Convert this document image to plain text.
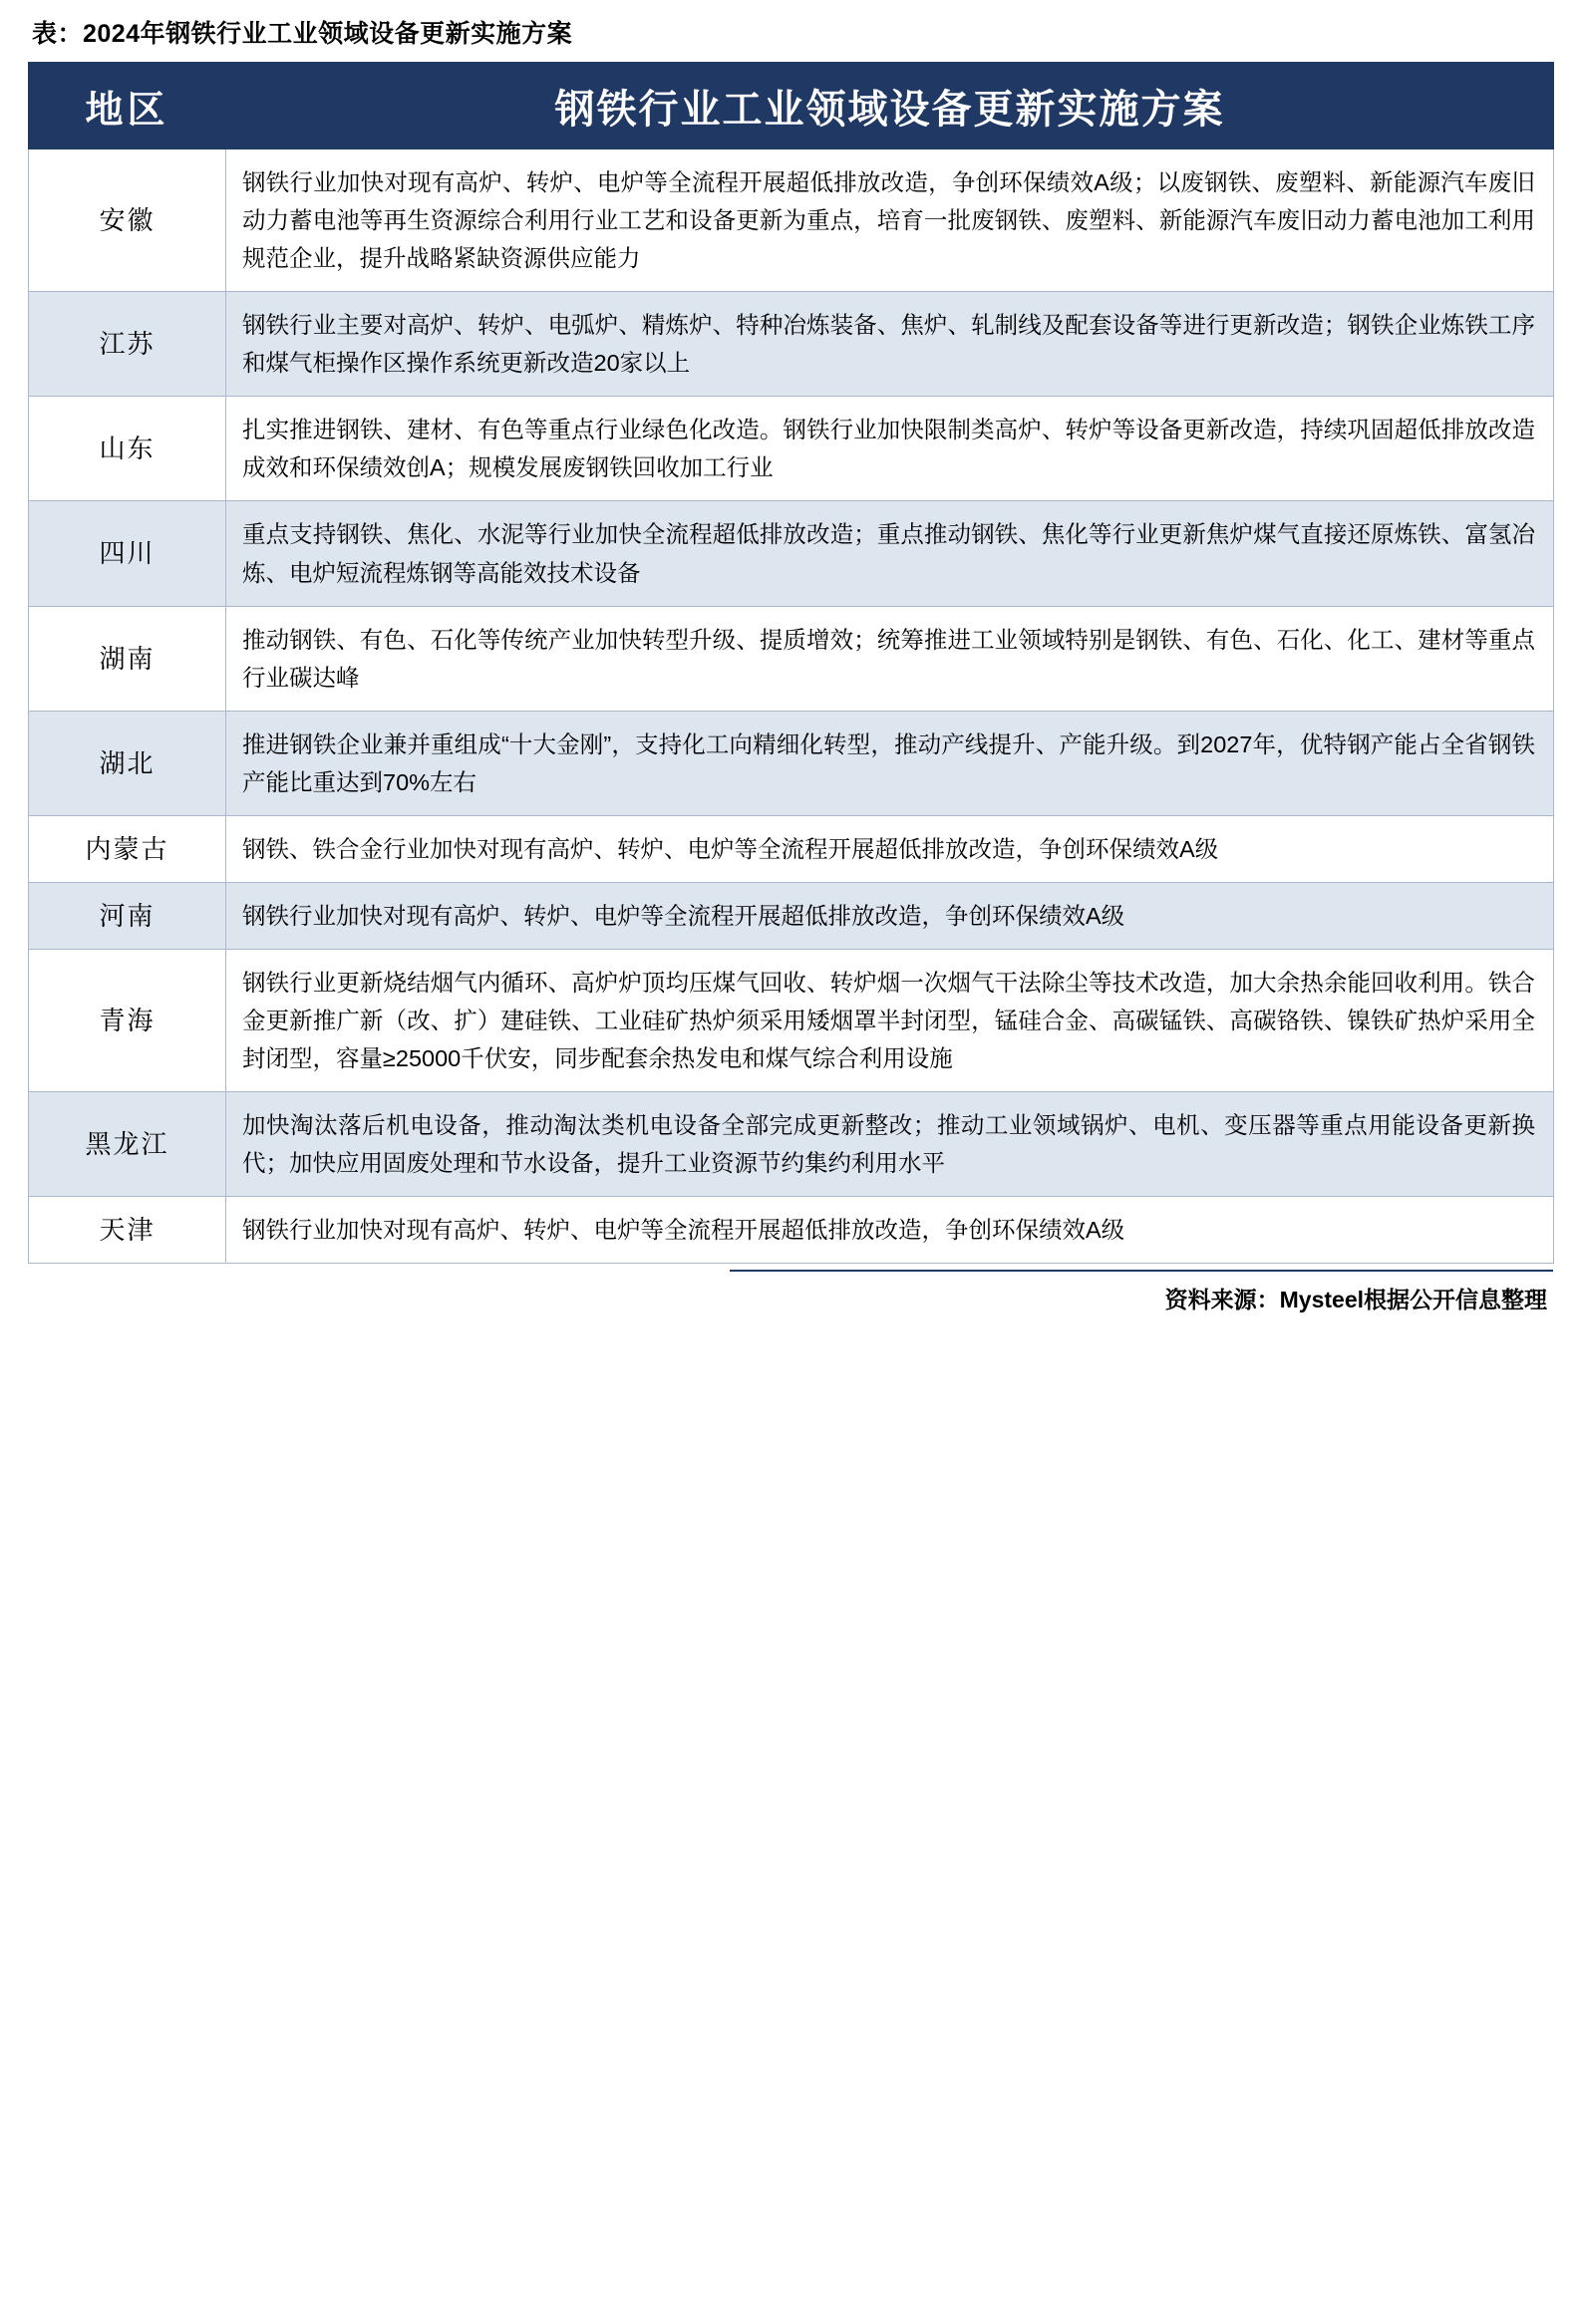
表：2024年钢铁行业工业领域设备更新实施方案
地区	钢铁行业工业领域设备更新实施方案
安徽	钢铁行业加快对现有高炉、转炉、电炉等全流程开展超低排放改造，争创环保绩效A级；以废钢铁、废塑料、新能源汽车废旧动力蓄电池等再生资源综合利用行业工艺和设备更新为重点，培育一批废钢铁、废塑料、新能源汽车废旧动力蓄电池加工利用规范企业，提升战略紧缺资源供应能力
江苏	钢铁行业主要对高炉、转炉、电弧炉、精炼炉、特种冶炼装备、焦炉、轧制线及配套设备等进行更新改造；钢铁企业炼铁工序和煤气柜操作区操作系统更新改造20家以上
山东	扎实推进钢铁、建材、有色等重点行业绿色化改造。钢铁行业加快限制类高炉、转炉等设备更新改造，持续巩固超低排放改造成效和环保绩效创A；规模发展废钢铁回收加工行业
四川	重点支持钢铁、焦化、水泥等行业加快全流程超低排放改造；重点推动钢铁、焦化等行业更新焦炉煤气直接还原炼铁、富氢冶炼、电炉短流程炼钢等高能效技术设备
湖南	推动钢铁、有色、石化等传统产业加快转型升级、提质增效；统筹推进工业领域特别是钢铁、有色、石化、化工、建材等重点行业碳达峰
湖北	推进钢铁企业兼并重组成“十大金刚”，支持化工向精细化转型，推动产线提升、产能升级。到2027年，优特钢产能占全省钢铁产能比重达到70%左右
内蒙古	钢铁、铁合金行业加快对现有高炉、转炉、电炉等全流程开展超低排放改造，争创环保绩效A级
河南	钢铁行业加快对现有高炉、转炉、电炉等全流程开展超低排放改造，争创环保绩效A级
青海	钢铁行业更新烧结烟气内循环、高炉炉顶均压煤气回收、转炉烟一次烟气干法除尘等技术改造，加大余热余能回收利用。铁合金更新推广新（改、扩）建硅铁、工业硅矿热炉须采用矮烟罩半封闭型，锰硅合金、高碳锰铁、高碳铬铁、镍铁矿热炉采用全封闭型，容量≥25000千伏安，同步配套余热发电和煤气综合利用设施
黑龙江	加快淘汰落后机电设备，推动淘汰类机电设备全部完成更新整改；推动工业领域锅炉、电机、变压器等重点用能设备更新换代；加快应用固废处理和节水设备，提升工业资源节约集约利用水平
天津	钢铁行业加快对现有高炉、转炉、电炉等全流程开展超低排放改造，争创环保绩效A级
资料来源：Mysteel根据公开信息整理
